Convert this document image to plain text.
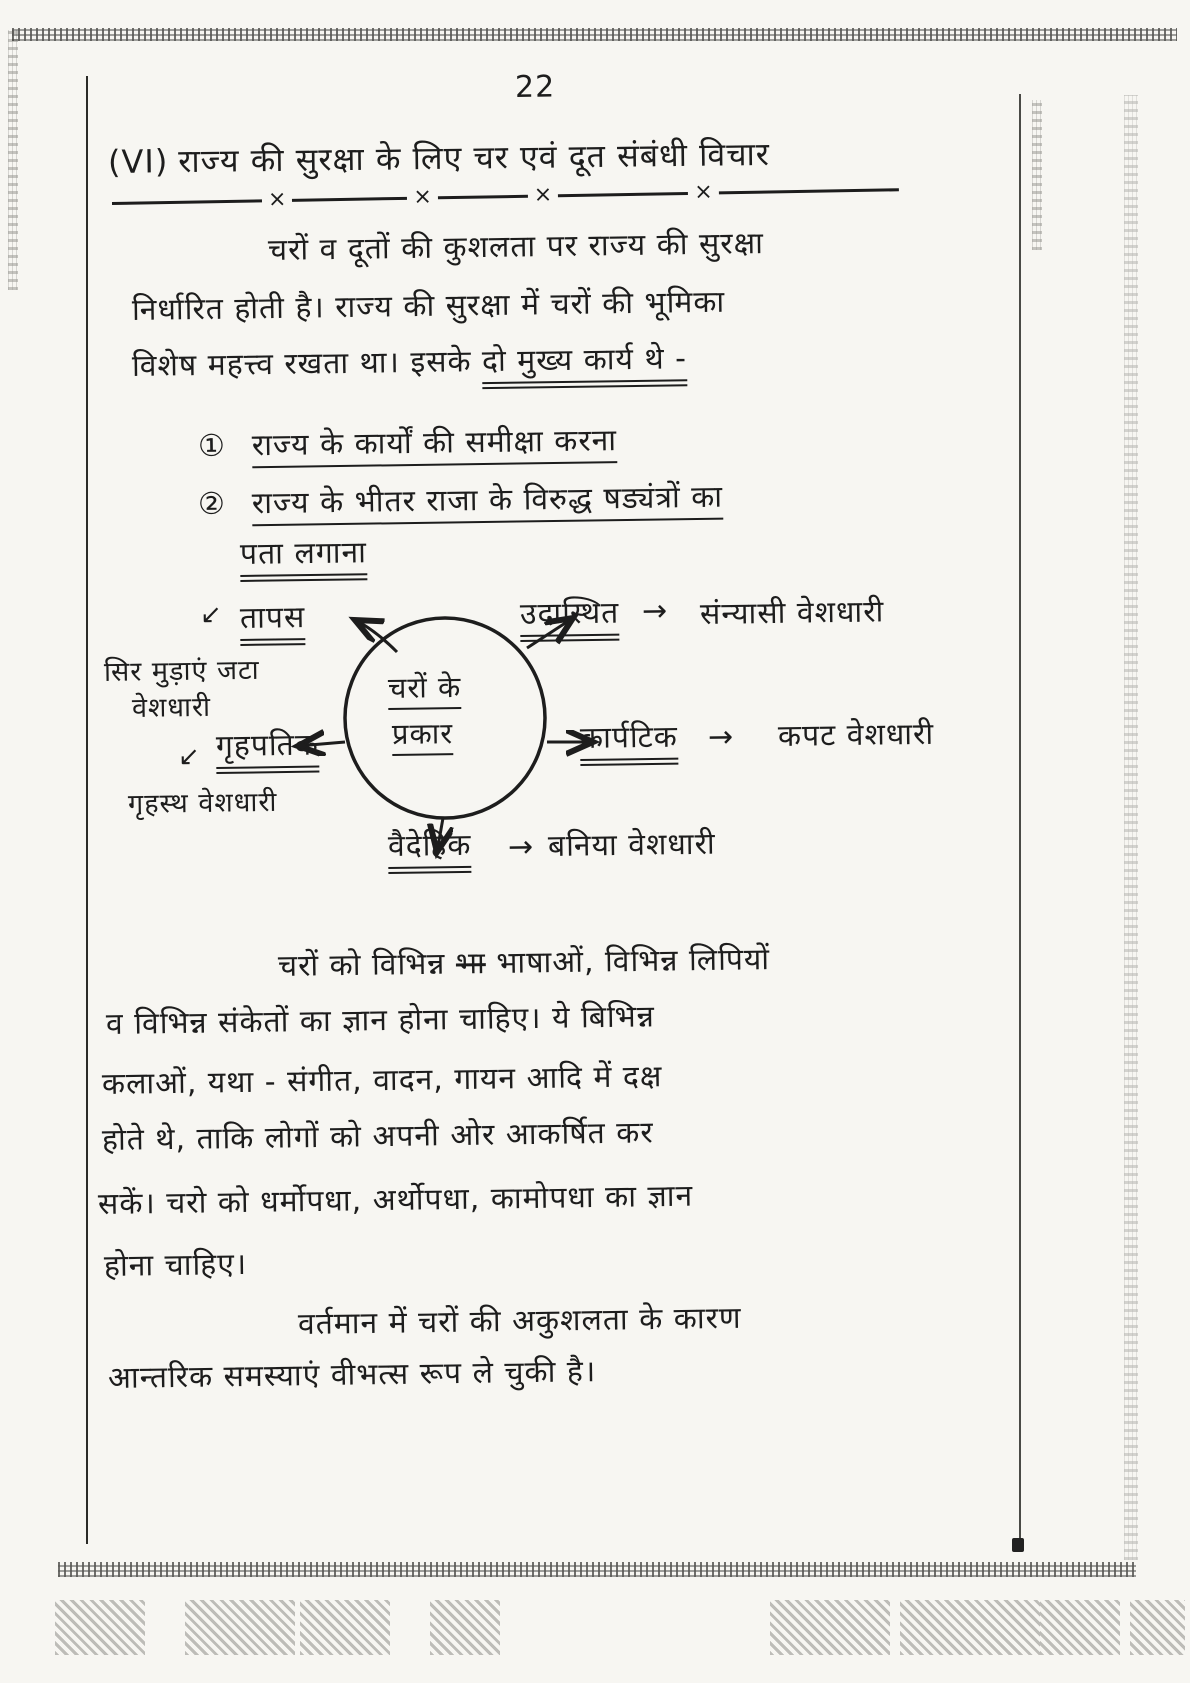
22
(VI) राज्य की सुरक्षा के लिए चर एवं दूत संबंधी विचार
×	×	×	×
चरों व दूतों की कुशलता पर राज्य की सुरक्षा
निर्धारित होती है। राज्य की सुरक्षा में चरों की भूमिका
विशेष महत्त्व रखता था। इसके दो मुख्य कार्य थे -
① राज्य के कार्यों की समीक्षा करना
② राज्य के भीतर राजा के विरुद्ध षड्यंत्रों का
पता लगाना
चरों के
प्रकार
↙ तापस
सिर मुड़ाएं जटा
वेशधारी
उदास्थित → संन्यासी वेशधारी
↙ गृहपतिक
गृहस्थ वेशधारी
कार्पटिक → कपट वेशधारी
वैदेहिक → बनिया वेशधारी
चरों को विभिन्न भा भाषाओं, विभिन्न लिपियों
व विभिन्न संकेतों का ज्ञान होना चाहिए। ये बिभिन्न
कलाओं, यथा - संगीत, वादन, गायन आदि में दक्ष
होते थे, ताकि लोगों को अपनी ओर आकर्षित कर
सकें। चरो को धर्मोपधा, अर्थोपधा, कामोपधा का ज्ञान
होना चाहिए।
वर्तमान में चरों की अकुशलता के कारण
आन्तरिक समस्याएं वीभत्स रूप ले चुकी है।
